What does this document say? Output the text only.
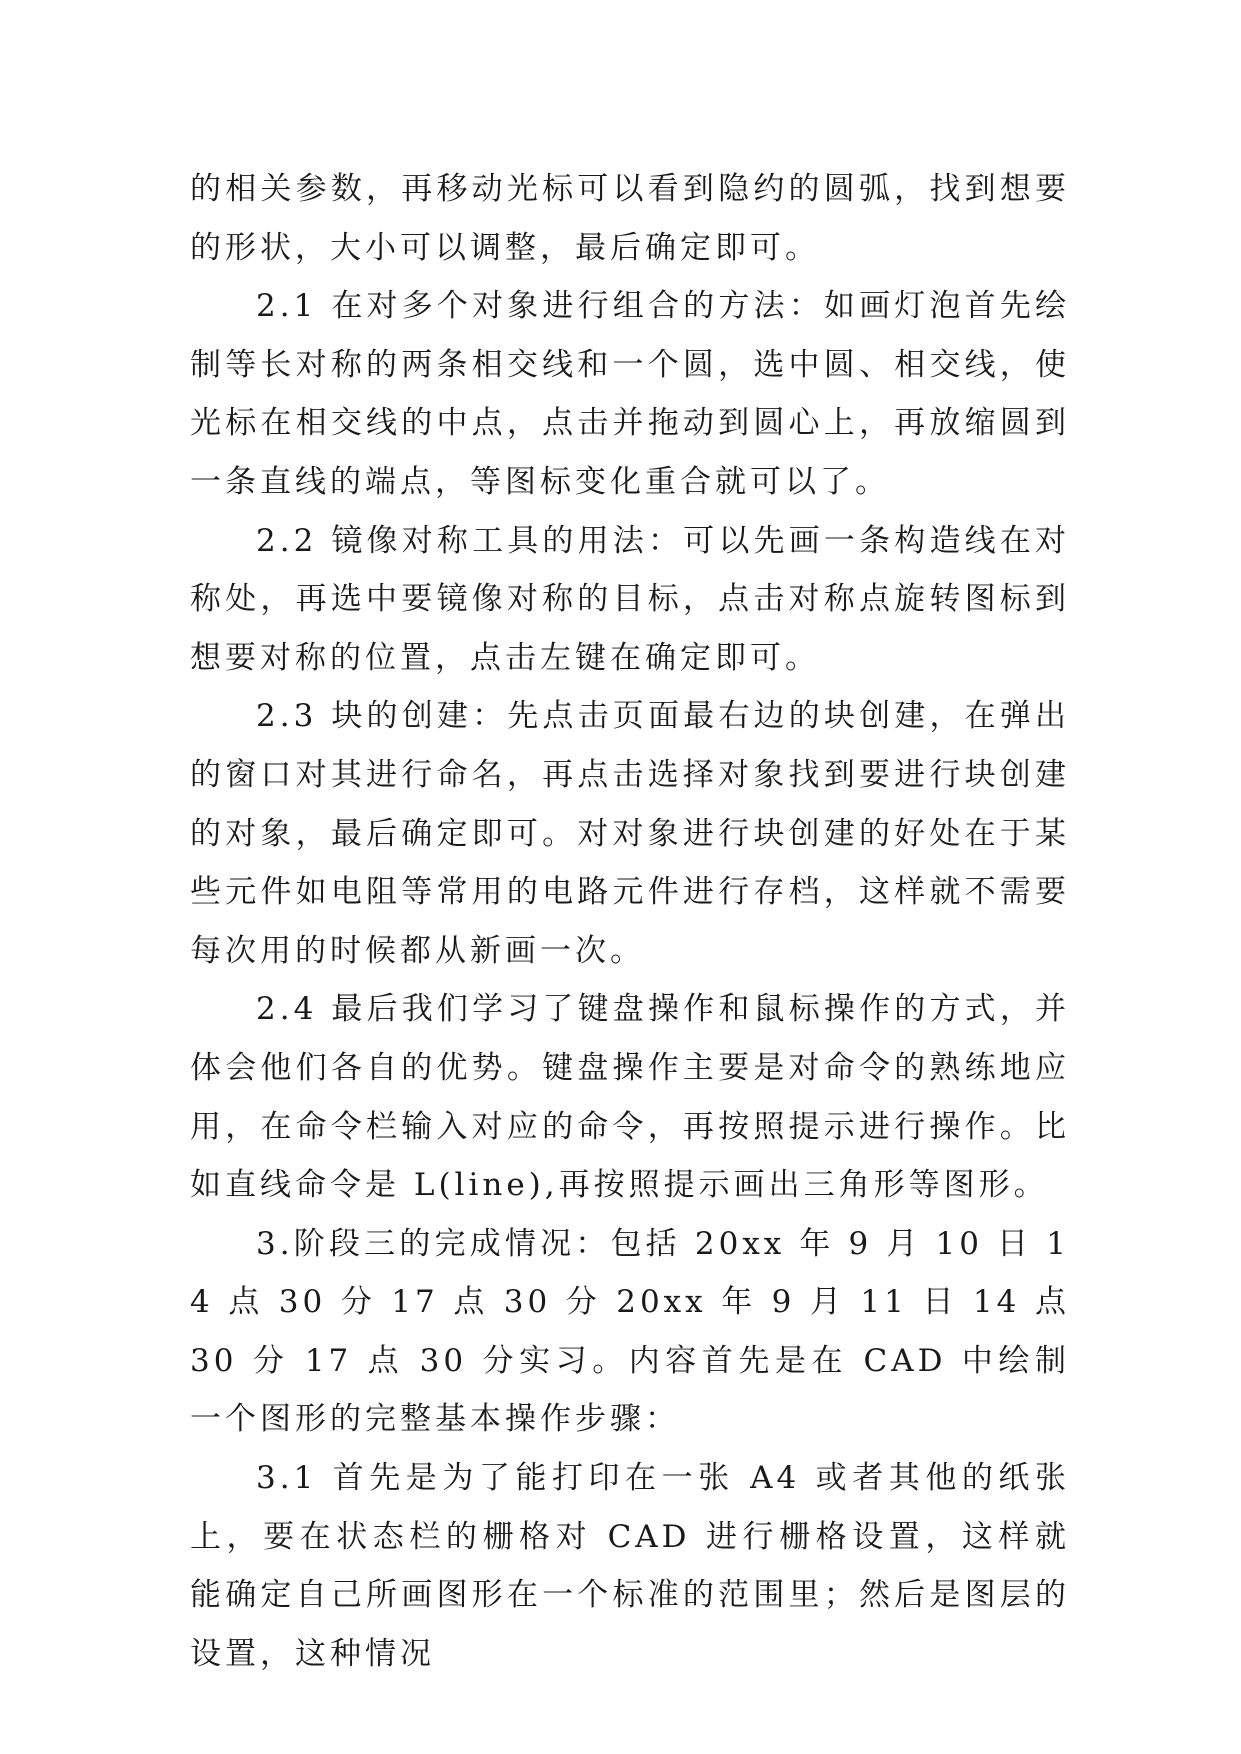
的相关参数，再移动光标可以看到隐约的圆弧，找到想要的形状，大小可以调整，最后确定即可。

2.1 在对多个对象进行组合的方法：如画灯泡首先绘制等长对称的两条相交线和一个圆，选中圆、相交线，使光标在相交线的中点，点击并拖动到圆心上，再放缩圆到一条直线的端点，等图标变化重合就可以了。

2.2 镜像对称工具的用法：可以先画一条构造线在对称处，再选中要镜像对称的目标，点击对称点旋转图标到想要对称的位置，点击左键在确定即可。

2.3 块的创建：先点击页面最右边的块创建，在弹出的窗口对其进行命名，再点击选择对象找到要进行块创建的对象，最后确定即可。对对象进行块创建的好处在于某些元件如电阻等常用的电路元件进行存档，这样就不需要每次用的时候都从新画一次。

2.4 最后我们学习了键盘操作和鼠标操作的方式，并体会他们各自的优势。键盘操作主要是对命令的熟练地应用，在命令栏输入对应的命令，再按照提示进行操作。比如直线命令是 L(line),再按照提示画出三角形等图形。

3.阶段三的完成情况：包括 20xx 年 9 月 10 日 14 点 30 分 17 点 30 分 20xx 年 9 月 11 日 14 点 30 分 17 点 30 分实习。内容首先是在 CAD 中绘制一个图形的完整基本操作步骤：

3.1 首先是为了能打印在一张 A4 或者其他的纸张上，要在状态栏的栅格对 CAD 进行栅格设置，这样就能确定自己所画图形在一个标准的范围里；然后是图层的设置，这种情况
